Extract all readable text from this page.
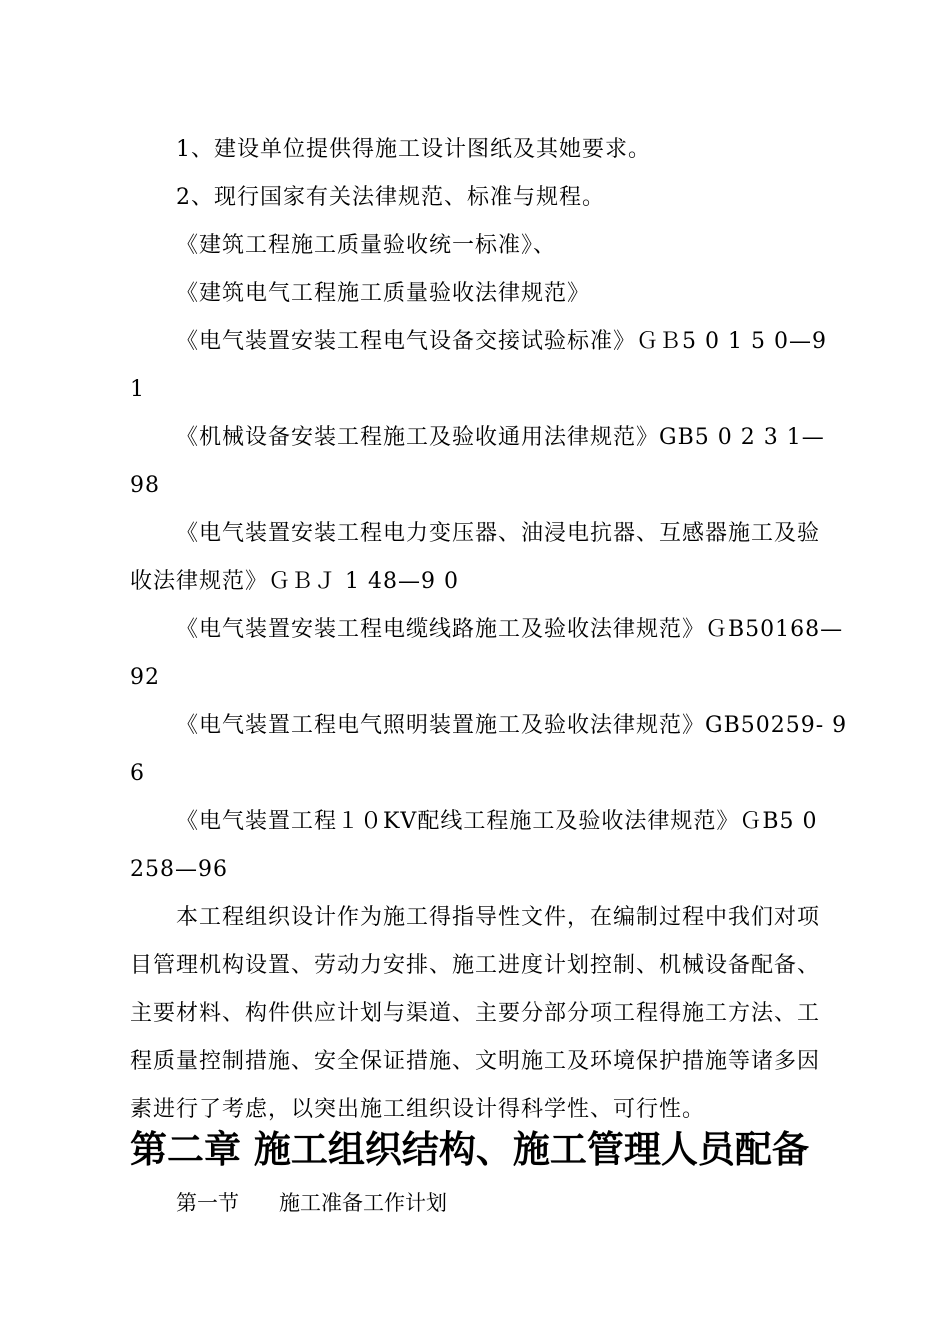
1、建设单位提供得施工设计图纸及其她要求。
2、现行国家有关法律规范、标准与规程。
《建筑工程施工质量验收统一标准》、
《建筑电气工程施工质量验收法律规范》
《电气装置安装工程电气设备交接试验标准》ＧＢ5 0 1 5 0—9
1
《机械设备安装工程施工及验收通用法律规范》GB5 0 2 3 1—
98
《电气装置安装工程电力变压器、油浸电抗器、互感器施工及验
收法律规范》ＧＢＪ 1 48—9 0
《电气装置安装工程电缆线路施工及验收法律规范》ＧB50168—
92
《电气装置工程电气照明装置施工及验收法律规范》GB50259- 9
6
《电气装置工程１０KV配线工程施工及验收法律规范》ＧB5 0
258—96
本工程组织设计作为施工得指导性文件，在编制过程中我们对项
目管理机构设置、劳动力安排、施工进度计划控制、机械设备配备、
主要材料、构件供应计划与渠道、主要分部分项工程得施工方法、工
程质量控制措施、安全保证措施、文明施工及环境保护措施等诸多因
素进行了考虑，以突出施工组织设计得科学性、可行性。
第二章 施工组织结构、施工管理人员配备
第一节 施工准备工作计划
